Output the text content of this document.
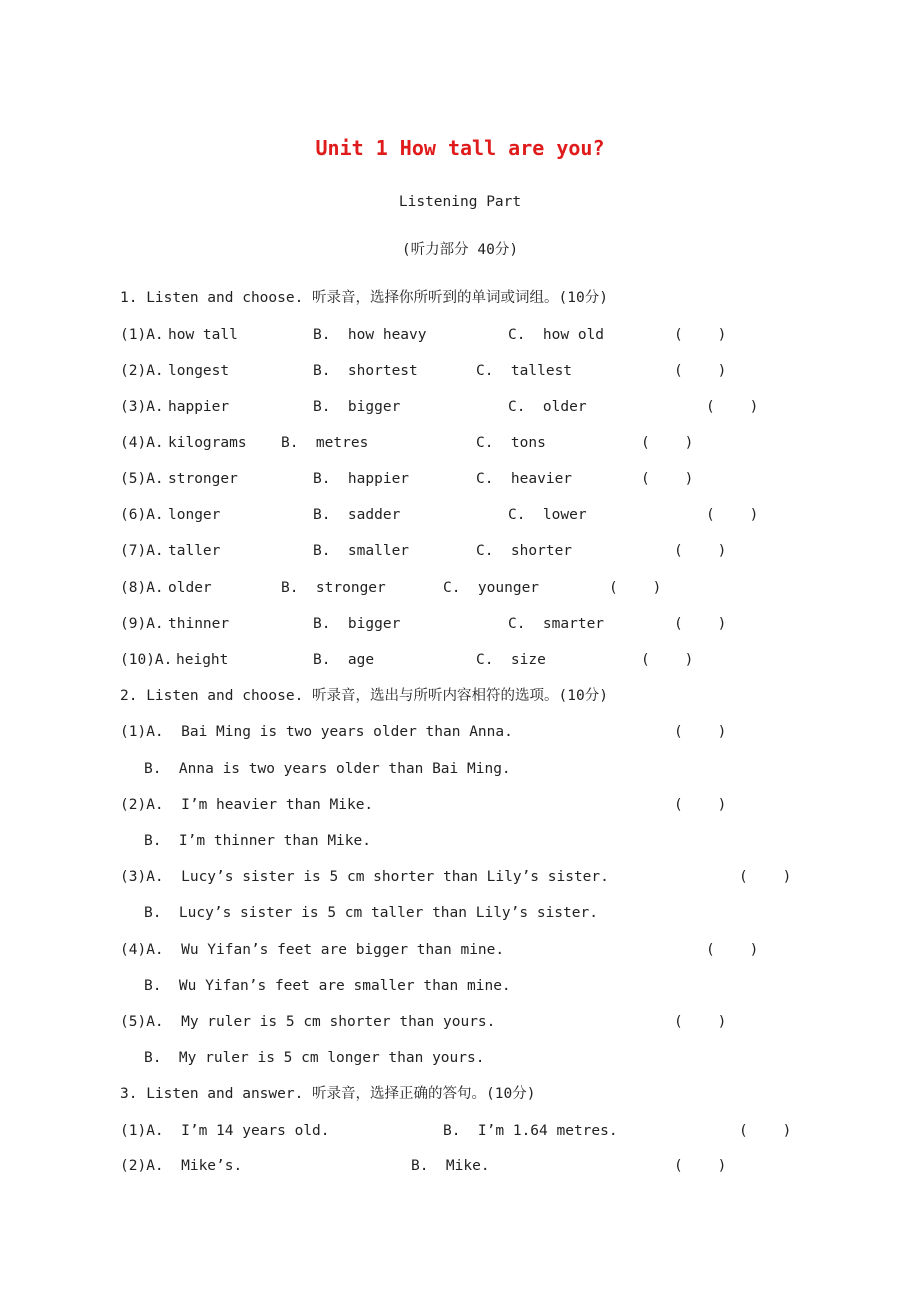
Unit 1 How tall are you?
Listening Part
(听力部分 40分)
1. Listen and choose. 听录音，选择你所听到的单词或词组。(10分)
(1)A. how tall	B.  how heavy	C.  how old	(    )
(2)A. longest	B.  shortest	C.  tallest	(    )
(3)A. happier	B.  bigger	C.  older	(    )
(4)A. kilograms B.  metres	C.  tons	(    )
(5)A. stronger	B.  happier	C.  heavier	(    )
(6)A. longer	B.  sadder	C.  lower	(    )
(7)A. taller	B.  smaller	C.  shorter	(    )
(8)A. older	B.  stronger	C.  younger	(    )
(9)A. thinner	B.  bigger	C.  smarter	(    )
(10)A. height	B.  age	C.  size	(    )
2. Listen and choose. 听录音，选出与所听内容相符的选项。(10分)
(1)A.  Bai Ming is two years older than Anna.	(    )
B.  Anna is two years older than Bai Ming.
(2)A.  I’m heavier than Mike.	(    )
B.  I’m thinner than Mike.
(3)A.  Lucy’s sister is 5 cm shorter than Lily’s sister.	(    )
B.  Lucy’s sister is 5 cm taller than Lily’s sister.
(4)A.  Wu Yifan’s feet are bigger than mine.	(    )
B.  Wu Yifan’s feet are smaller than mine.
(5)A.  My ruler is 5 cm shorter than yours.	(    )
B.  My ruler is 5 cm longer than yours.
3. Listen and answer. 听录音，选择正确的答句。(10分)
(1)A.  I’m 14 years old.	B.  I’m 1.64 metres.	(    )
(2)A.  Mike’s.	B.  Mike.	(    )
